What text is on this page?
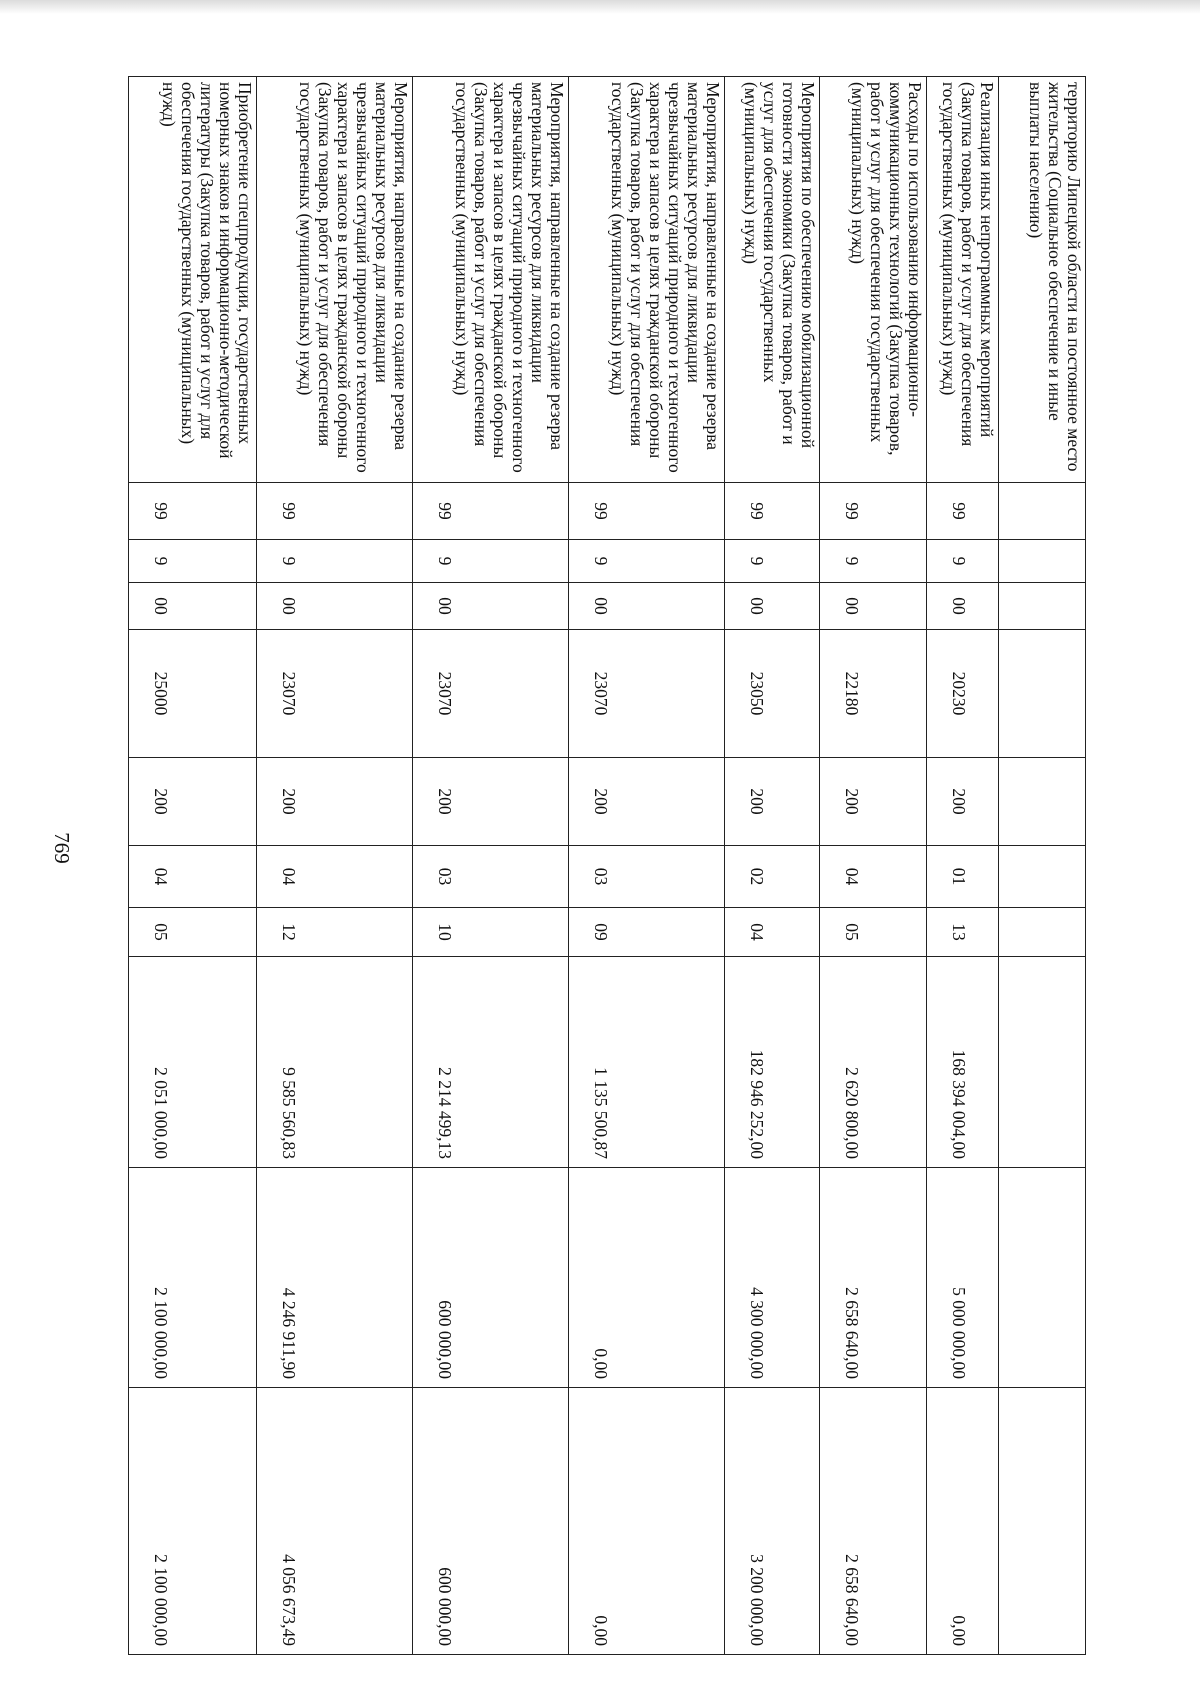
769
территорию Липецкой области на постоянное место жительства (Социальное обеспечение и иные выплаты населению)										
Реализация иных непрограммных мероприятий (Закупка товаров, работ и услуг для обеспечения государственных (муниципальных) нужд)	99	9	00	20230	200	01	13	168 394 004,00	5 000 000,00	0,00
Расходы по использованию информационно-коммуникационных технологий (Закупка товаров, работ и услуг для обеспечения государственных (муниципальных) нужд)	99	9	00	22180	200	04	05	2 620 800,00	2 658 640,00	2 658 640,00
Мероприятия по обеспечению мобилизационной готовности экономики (Закупка товаров, работ и услуг для обеспечения государственных (муниципальных) нужд)	99	9	00	23050	200	02	04	182 946 252,00	4 300 000,00	3 200 000,00
Мероприятия, направленные на создание резерва материальных ресурсов для ликвидации чрезвычайных ситуаций природного и техногенного характера и запасов в целях гражданской обороны (Закупка товаров, работ и услуг для обеспечения государственных (муниципальных) нужд)	99	9	00	23070	200	03	09	1 135 500,87	0,00	0,00
Мероприятия, направленные на создание резерва материальных ресурсов для ликвидации чрезвычайных ситуаций природного и техногенного характера и запасов в целях гражданской обороны (Закупка товаров, работ и услуг для обеспечения государственных (муниципальных) нужд)	99	9	00	23070	200	03	10	2 214 499,13	600 000,00	600 000,00
Мероприятия, направленные на создание резерва материальных ресурсов для ликвидации чрезвычайных ситуаций природного и техногенного характера и запасов в целях гражданской обороны (Закупка товаров, работ и услуг для обеспечения государственных (муниципальных) нужд)	99	9	00	23070	200	04	12	9 585 560,83	4 246 911,90	4 056 673,49
Приобретение спецпродукции, государственных номерных знаков и информационно-методической литературы (Закупка товаров, работ и услуг для обеспечения государственных (муниципальных) нужд)	99	9	00	25000	200	04	05	2 051 000,00	2 100 000,00	2 100 000,00
